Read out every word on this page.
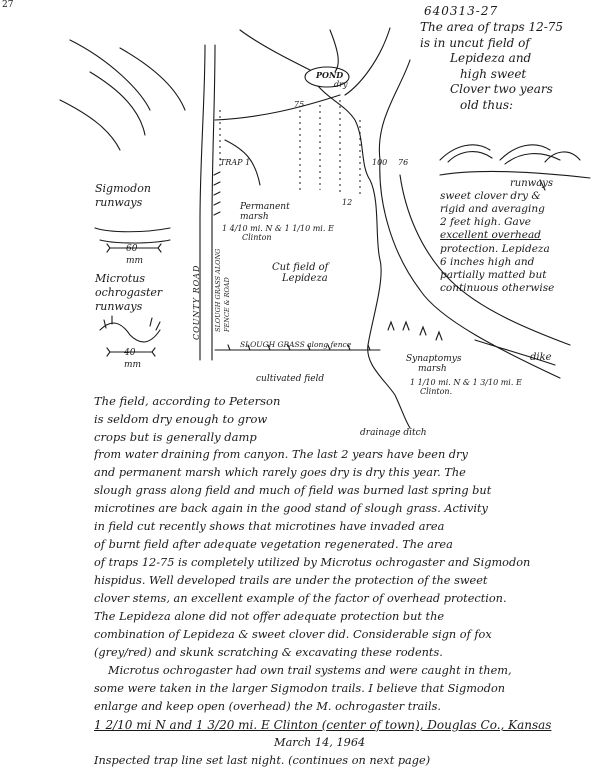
27	640313-27
POND
dry
75
12
TRAP 1	100 76
Permanent
marsh
1 4/10 mi. N & 1 1/10 mi. E
Clinton
COUNTY ROAD SLOUGH GRASS ALONG FENCE & ROAD
Cut field of
Lepideza
SLOUGH GRASS along fence
cultivated field
Synaptomys
marsh
1 1/10 mi. N & 1 3/10 mi. E
Clinton.
dike
drainage ditch
The area of traps 12-75
is in uncut field of
Lepideza and
high sweet
Clover two years
old thus:
runways
sweet clover dry &
rigid and averaging
2 feet high. Gave
excellent overhead
protection. Lepideza
6 inches high and
partially matted but
continuous otherwise
Sigmodon
runways
60
mm
Microtus
ochrogaster
runways
40
mm
The field, according to Peterson
is seldom dry enough to grow
crops but is generally damp
from water draining from canyon. The last 2 years have been dry
and permanent marsh which rarely goes dry is dry this year. The
slough grass along field and much of field was burned last spring but
microtines are back again in the good stand of slough grass. Activity
in field cut recently shows that microtines have invaded area
of burnt field after adequate vegetation regenerated. The area
of traps 12-75 is completely utilized by Microtus ochrogaster and Sigmodon
hispidus. Well developed trails are under the protection of the sweet
clover stems, an excellent example of the factor of overhead protection.
The Lepideza alone did not offer adequate protection but the
combination of Lepideza & sweet clover did. Considerable sign of fox
(grey/red) and skunk scratching & excavating these rodents.
Microtus ochrogaster had own trail systems and were caught in them,
some were taken in the larger Sigmodon trails. I believe that Sigmodon
enlarge and keep open (overhead) the M. ochrogaster trails.
1 2/10 mi N and 1 3/20 mi. E Clinton (center of town), Douglas Co., Kansas
March 14, 1964
Inspected trap line set last night. (continues on next page)
